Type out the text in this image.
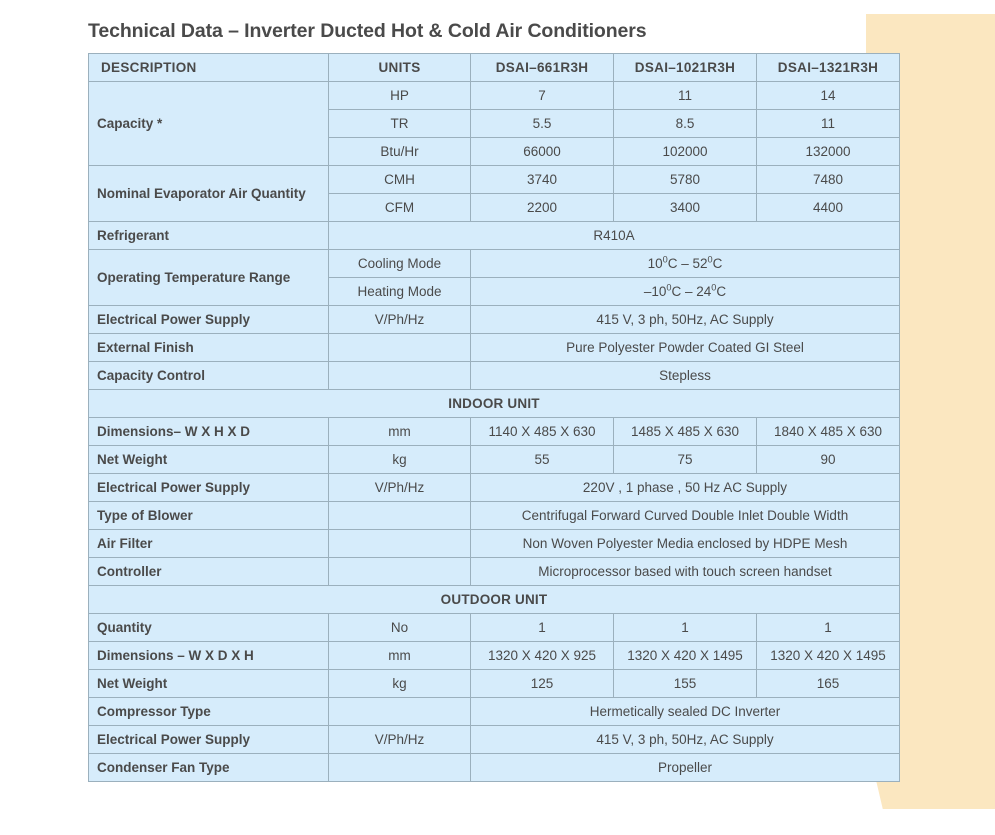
Technical Data – Inverter Ducted Hot & Cold Air Conditioners
DESCRIPTION	UNITS	DSAI–661R3H	DSAI–1021R3H	DSAI–1321R3H
Capacity *	HP	7	11	14
	TR	5.5	8.5	11
	Btu/Hr	66000	102000	132000
Nominal Evaporator Air Quantity	CMH	3740	5780	7480
	CFM	2200	3400	4400
Refrigerant	R410A			
Operating Temperature Range	Cooling Mode	$10^0C - 52^0C$		
	Heating Mode	$-10^0C - 24^0C$		
Electrical Power Supply	V/Ph/Hz	415 V, 3 ph, 50Hz, AC Supply		
External Finish		Pure Polyester Powder Coated GI Steel		
Capacity Control		Stepless		
INDOOR UNIT				
Dimensions– W X H X D	mm	1140 X 485 X 630	1485 X 485 X 630	1840 X 485 X 630
Net Weight	kg	55	75	90
Electrical Power Supply	V/Ph/Hz	220V , 1 phase , 50 Hz AC Supply		
Type of Blower		Centrifugal Forward Curved Double Inlet Double Width		
Air Filter		Non Woven Polyester Media enclosed by HDPE Mesh		
Controller		Microprocessor based with touch screen handset		
OUTDOOR UNIT				
Quantity	No	1	1	1
Dimensions – W X D X H	mm	1320 X 420 X 925	1320 X 420 X 1495	1320 X 420 X 1495
Net Weight	kg	125	155	165
Compressor Type		Hermetically sealed DC Inverter		
Electrical Power Supply	V/Ph/Hz	415 V, 3 ph, 50Hz, AC Supply		
Condenser Fan Type		Propeller		
